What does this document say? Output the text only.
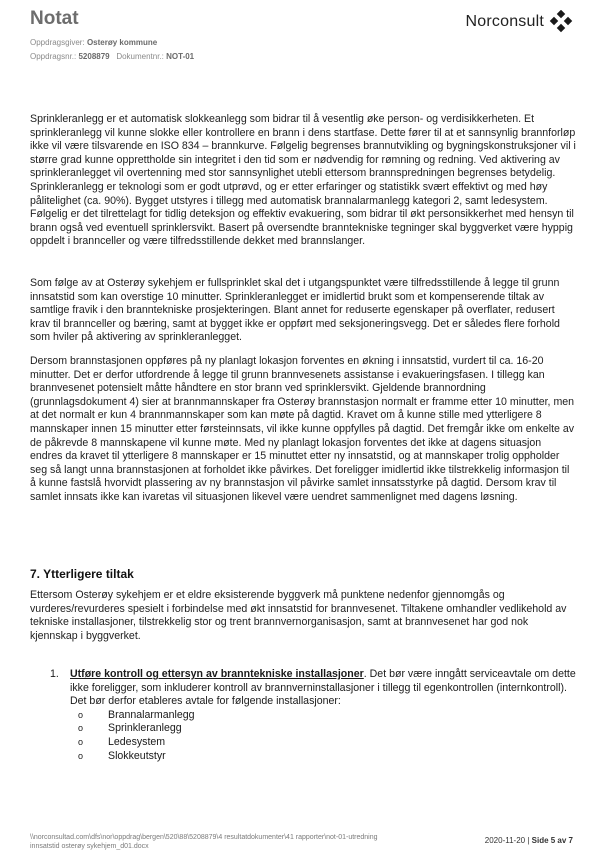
Notat
Oppdragsgiver: Osterøy kommune
Oppdragsnr.: 5208879 Dokumentnr.: NOT-01
Norconsult

Sprinkleranlegg er et automatisk slokkeanlegg som bidrar til å vesentlig øke person- og verdisikkerheten. Et sprinkleranlegg vil kunne slokke eller kontrollere en brann i dens startfase. Dette fører til at et sannsynlig brannforløp ikke vil være tilsvarende en ISO 834 – brannkurve. Følgelig begrenses brannutvikling og bygningskonstruksjoner vil i større grad kunne opprettholde sin integritet i den tid som er nødvendig for rømning og redning. Ved aktivering av sprinkleranlegget vil overtenning med stor sannsynlighet utebli ettersom brannspredningen begrenses betydelig. Sprinkleranlegg er teknologi som er godt utprøvd, og er etter erfaringer og statistikk svært effektivt og med høy pålitelighet (ca. 90%). Bygget utstyres i tillegg med automatisk brannalarmanlegg kategori 2, samt ledesystem. Følgelig er det tilrettelagt for tidlig deteksjon og effektiv evakuering, som bidrar til økt personsikkerhet med hensyn til brann også ved eventuell sprinklersvikt. Basert på oversendte branntekniske tegninger skal byggverket være hyppig oppdelt i brannceller og være tilfredsstillende dekket med brannslanger.

Som følge av at Osterøy sykehjem er fullsprinklet skal det i utgangspunktet være tilfredsstillende å legge til grunn innsatstid som kan overstige 10 minutter. Sprinkleranlegget er imidlertid brukt som et kompenserende tiltak av samtlige fravik i den branntekniske prosjekteringen. Blant annet for reduserte egenskaper på overflater, redusert krav til brannceller og bæring, samt at bygget ikke er oppført med seksjoneringsvegg. Det er således flere forhold som hviler på aktivering av sprinkleranlegget.

Dersom brannstasjonen oppføres på ny planlagt lokasjon forventes en økning i innsatstid, vurdert til ca. 16-20 minutter. Det er derfor utfordrende å legge til grunn brannvesenets assistanse i evakueringsfasen. I tillegg kan brannvesenet potensielt måtte håndtere en stor brann ved sprinklersvikt. Gjeldende brannordning (grunnlagsdokument 4) sier at brannmannskaper fra Osterøy brannstasjon normalt er framme etter 10 minutter, men at det normalt er kun 4 brannmannskaper som kan møte på dagtid. Kravet om å kunne stille med ytterligere 8 mannskaper innen 15 minutter etter førsteinnsats, vil ikke kunne oppfylles på dagtid. Det fremgår ikke om enkelte av de påkrevde 8 mannskapene vil kunne møte. Med ny planlagt lokasjon forventes det ikke at dagens situasjon endres da kravet til ytterligere 8 mannskaper er 15 minuttet etter ny innsatstid, og at mannskaper trolig oppholder seg så langt unna brannstasjonen at forholdet ikke påvirkes. Det foreligger imidlertid ikke tilstrekkelig informasjon til å kunne fastslå hvorvidt plassering av ny brannstasjon vil påvirke samlet innsatsstyrke på dagtid. Dersom krav til samlet innsats ikke kan ivaretas vil situasjonen likevel være uendret sammenlignet med dagens løsning.

7. Ytterligere tiltak

Ettersom Osterøy sykehjem er et eldre eksisterende byggverk må punktene nedenfor gjennomgås og vurderes/revurderes spesielt i forbindelse med økt innsatstid for brannvesenet. Tiltakene omhandler vedlikehold av tekniske installasjoner, tilstrekkelig stor og trent brannvernorganisasjon, samt at brannvesenet har god nok kjennskap i byggverket.

1. Utføre kontroll og ettersyn av branntekniske installasjoner. Det bør være inngått serviceavtale om dette ikke foreligger, som inkluderer kontroll av brannverninstallasjoner i tillegg til egenkontrollen (internkontroll). Det bør derfor etableres avtale for følgende installasjoner:
o Brannalarmanlegg
o Sprinkleranlegg
o Ledesystem
o Slokkeutstyr
\\norconsultad.com\dfs\nor\oppdrag\bergen\520\88\5208879\4 resultatdokumenter\41 rapporter\not-01-utredning
innsatstid osterøy sykehjem_d01.docx
2020-11-20 | Side 5 av 7
